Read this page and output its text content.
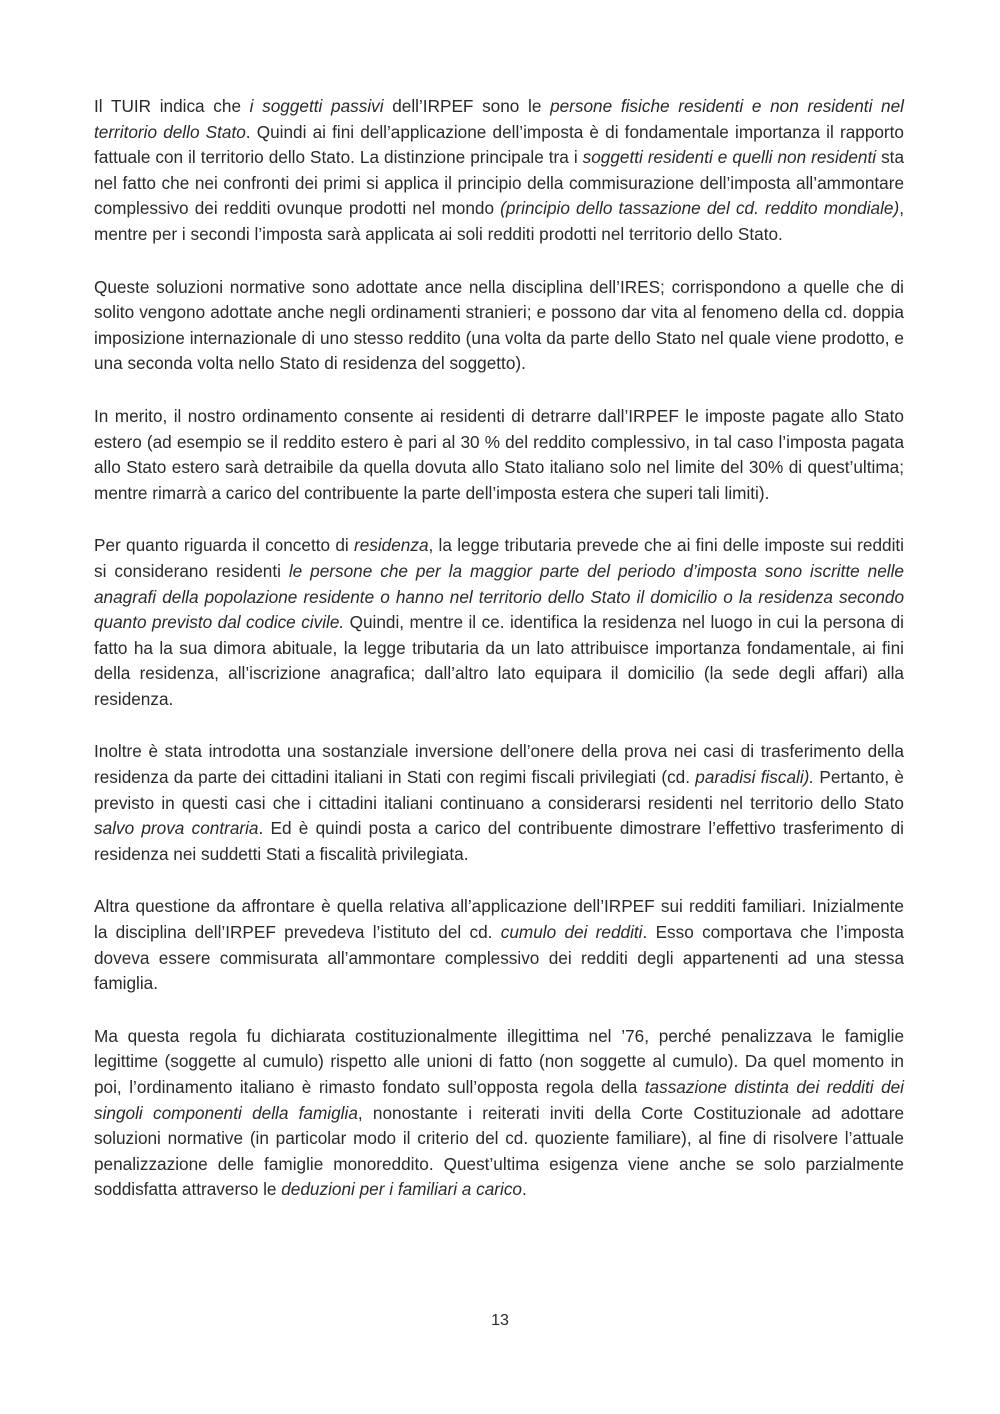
Il TUIR indica che i soggetti passivi dell’IRPEF sono le persone fisiche residenti e non residenti nel territorio dello Stato. Quindi ai fini dell’applicazione dell’imposta è di fondamentale importanza il rapporto fattuale con il territorio dello Stato. La distinzione principale tra i soggetti residenti e quelli non residenti sta nel fatto che nei confronti dei primi si applica il principio della commisurazione dell’imposta all’ammontare complessivo dei redditi ovunque prodotti nel mondo (principio dello tassazione del cd. reddito mondiale), mentre per i secondi l’imposta sarà applicata ai soli redditi prodotti nel territorio dello Stato.

Queste soluzioni normative sono adottate ance nella disciplina dell’IRES; corrispondono a quelle che di solito vengono adottate anche negli ordinamenti stranieri; e possono dar vita al fenomeno della cd. doppia imposizione internazionale di uno stesso reddito (una volta da parte dello Stato nel quale viene prodotto, e una seconda volta nello Stato di residenza del soggetto).

In merito, il nostro ordinamento consente ai residenti di detrarre dall’IRPEF le imposte pagate allo Stato estero (ad esempio se il reddito estero è pari al 30 % del reddito complessivo, in tal caso l’imposta pagata allo Stato estero sarà detraibile da quella dovuta allo Stato italiano solo nel limite del 30% di quest’ultima; mentre rimarrà a carico del contribuente la parte dell’imposta estera che superi tali limiti).

Per quanto riguarda il concetto di residenza, la legge tributaria prevede che ai fini delle imposte sui redditi si considerano residenti le persone che per la maggior parte del periodo d’imposta sono iscritte nelle anagrafi della popolazione residente o hanno nel territorio dello Stato il domicilio o la residenza secondo quanto previsto dal codice civile. Quindi, mentre il ce. identifica la residenza nel luogo in cui la persona di fatto ha la sua dimora abituale, la legge tributaria da un lato attribuisce importanza fondamentale, ai fini della residenza, all’iscrizione anagrafica; dall’altro lato equipara il domicilio (la sede degli affari) alla residenza.

Inoltre è stata introdotta una sostanziale inversione dell’onere della prova nei casi di trasferimento della residenza da parte dei cittadini italiani in Stati con regimi fiscali privilegiati (cd. paradisi fiscali). Pertanto, è previsto in questi casi che i cittadini italiani continuano a considerarsi residenti nel territorio dello Stato salvo prova contraria. Ed è quindi posta a carico del contribuente dimostrare l’effettivo trasferimento di residenza nei suddetti Stati a fiscalità privilegiata.

Altra questione da affrontare è quella relativa all’applicazione dell’IRPEF sui redditi familiari. Inizialmente la disciplina dell’IRPEF prevedeva l’istituto del cd. cumulo dei redditi. Esso comportava che l’imposta doveva essere commisurata all’ammontare complessivo dei redditi degli appartenenti ad una stessa famiglia.

Ma questa regola fu dichiarata costituzionalmente illegittima nel ’76, perché penalizzava le famiglie legittime (soggette al cumulo) rispetto alle unioni di fatto (non soggette al cumulo). Da quel momento in poi, l’ordinamento italiano è rimasto fondato sull’opposta regola della tassazione distinta dei redditi dei singoli componenti della famiglia, nonostante i reiterati inviti della Corte Costituzionale ad adottare soluzioni normative (in particolar modo il criterio del cd. quoziente familiare), al fine di risolvere l’attuale penalizzazione delle famiglie monoreddito. Quest’ultima esigenza viene anche se solo parzialmente soddisfatta attraverso le deduzioni per i familiari a carico.

13
